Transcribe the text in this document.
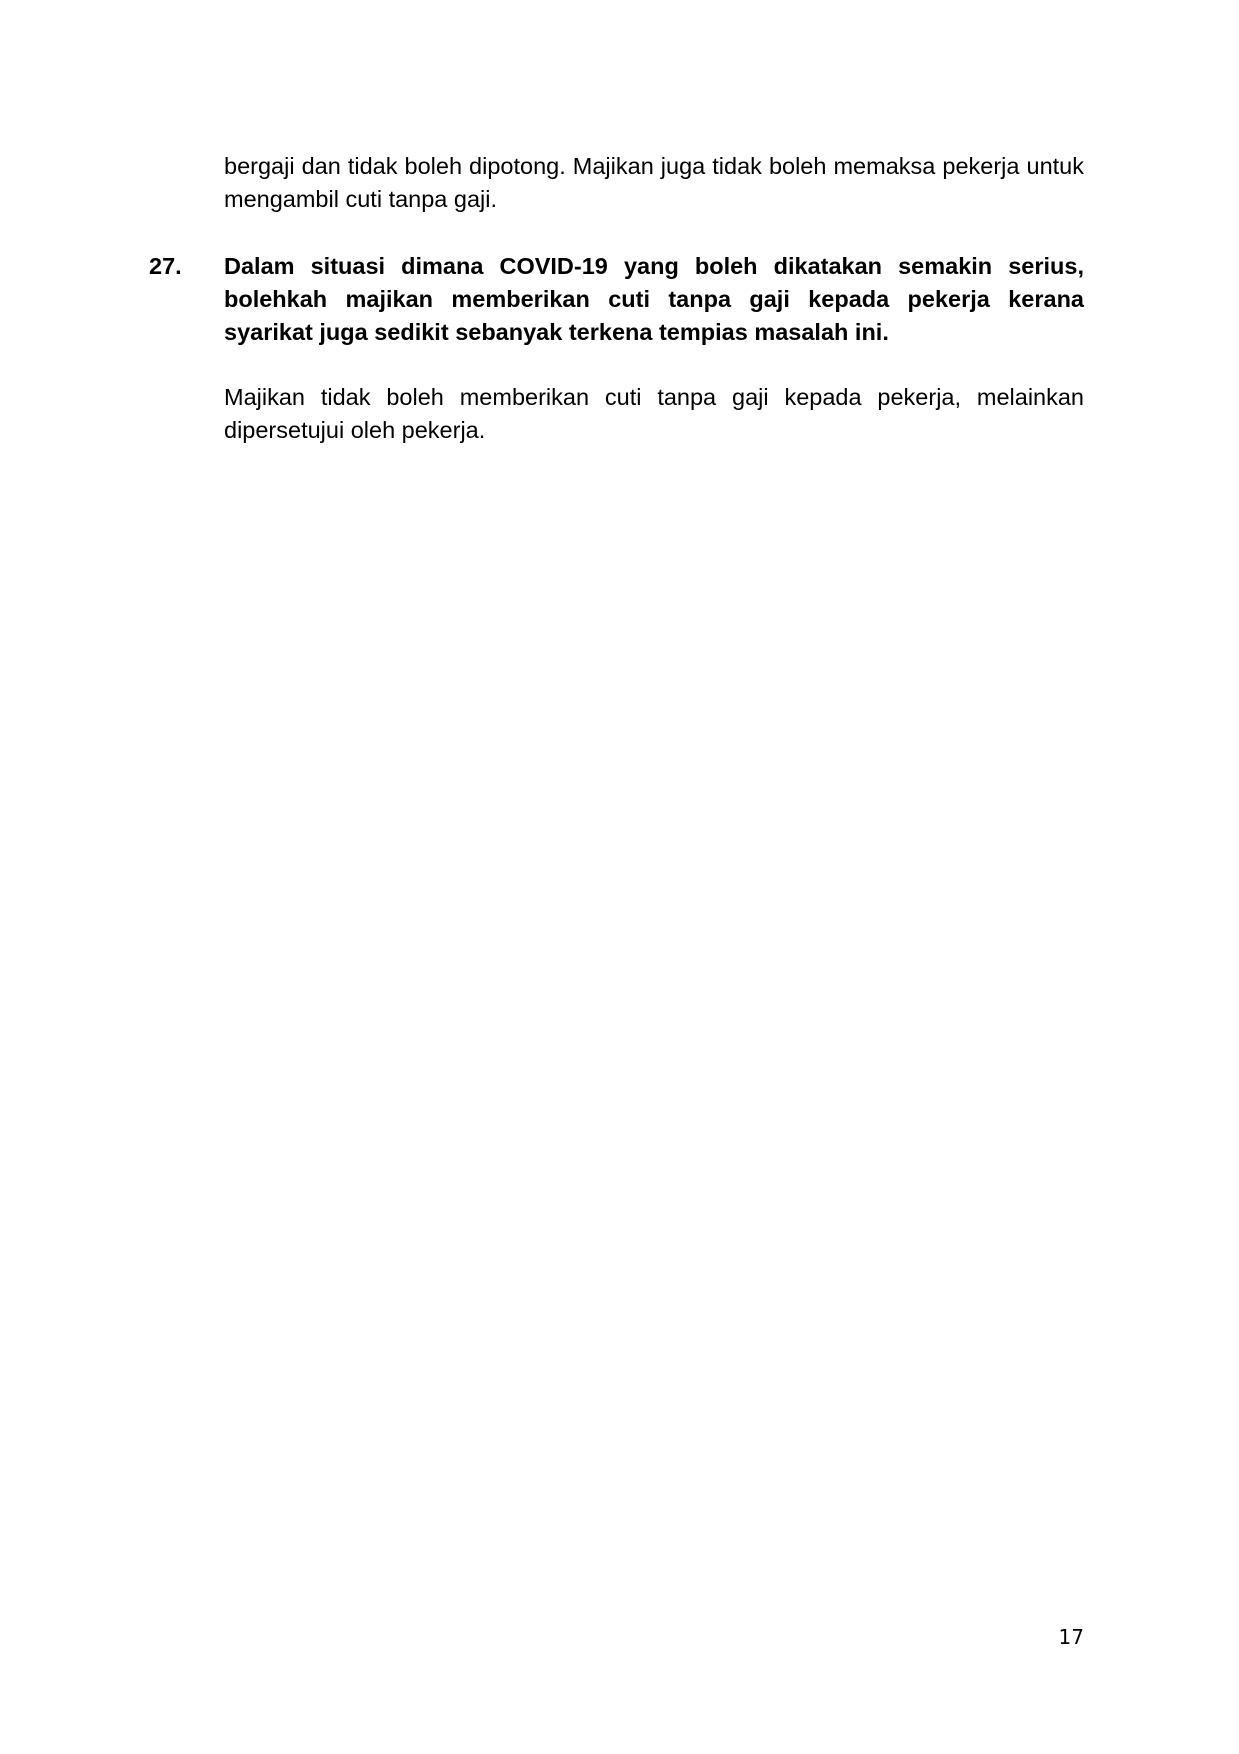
bergaji dan tidak boleh dipotong. Majikan juga tidak boleh memaksa pekerja untuk mengambil cuti tanpa gaji.

27. Dalam situasi dimana COVID-19 yang boleh dikatakan semakin serius, bolehkah majikan memberikan cuti tanpa gaji kepada pekerja kerana syarikat juga sedikit sebanyak terkena tempias masalah ini.

Majikan tidak boleh memberikan cuti tanpa gaji kepada pekerja, melainkan dipersetujui oleh pekerja.

17
